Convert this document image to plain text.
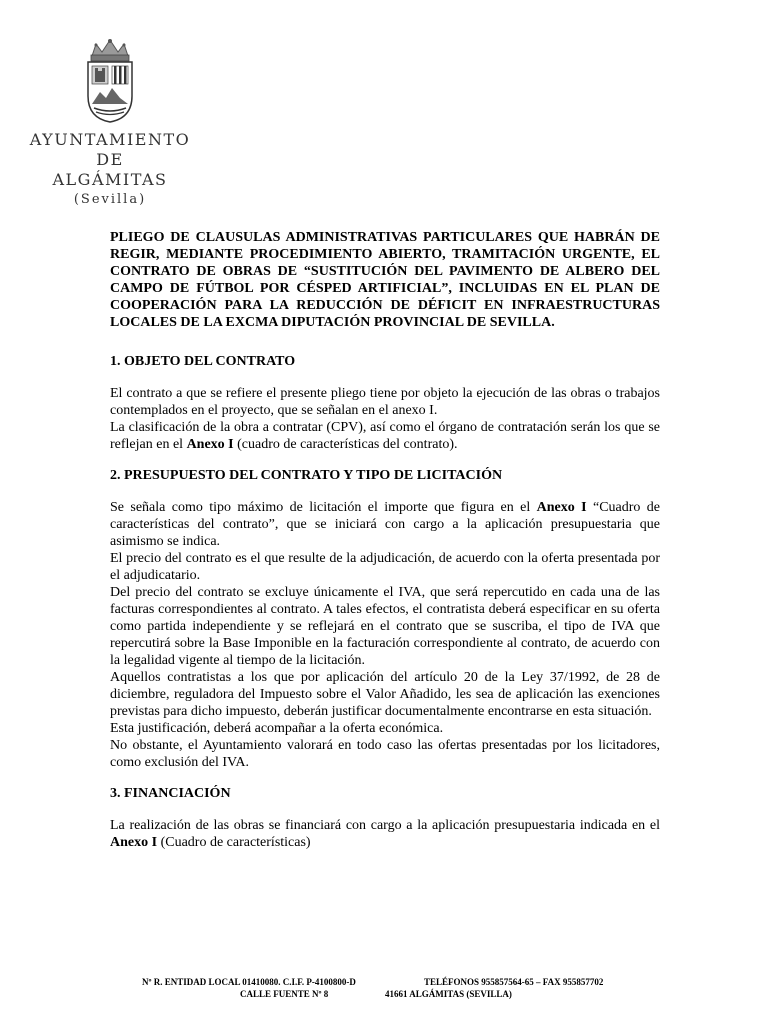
AYUNTAMIENTO
DE
ALGÁMITAS
(Sevilla)

PLIEGO DE CLAUSULAS ADMINISTRATIVAS PARTICULARES QUE HABRÁN DE REGIR, MEDIANTE PROCEDIMIENTO ABIERTO, TRAMITACIÓN URGENTE, EL CONTRATO DE OBRAS DE “SUSTITUCIÓN DEL PAVIMENTO DE ALBERO DEL CAMPO DE FÚTBOL POR CÉSPED ARTIFICIAL”, INCLUIDAS EN EL PLAN DE COOPERACIÓN PARA LA REDUCCIÓN DE DÉFICIT EN INFRAESTRUCTURAS LOCALES DE LA EXCMA DIPUTACIÓN PROVINCIAL DE SEVILLA.

1. OBJETO DEL CONTRATO

El contrato a que se refiere el presente pliego tiene por objeto la ejecución de las obras o trabajos contemplados en el proyecto, que se señalan en el anexo I.

La clasificación de la obra a contratar (CPV), así como el órgano de contratación serán los que se reflejan en el Anexo I (cuadro de características del contrato).

2. PRESUPUESTO DEL CONTRATO Y TIPO DE LICITACIÓN

Se señala como tipo máximo de licitación el importe que figura en el Anexo I “Cuadro de características del contrato”, que se iniciará con cargo a la aplicación presupuestaria que asimismo se indica.

El precio del contrato es el que resulte de la adjudicación, de acuerdo con la oferta presentada por el adjudicatario.

Del precio del contrato se excluye únicamente el IVA, que será repercutido en cada una de las facturas correspondientes al contrato. A tales efectos, el contratista deberá especificar en su oferta como partida independiente y se reflejará en el contrato que se suscriba, el tipo de IVA que repercutirá sobre la Base Imponible en la facturación correspondiente al contrato, de acuerdo con la legalidad vigente al tiempo de la licitación.

Aquellos contratistas a los que por aplicación del artículo 20 de la Ley 37/1992, de 28 de diciembre, reguladora del Impuesto sobre el Valor Añadido, les sea de aplicación las exenciones previstas para dicho impuesto, deberán justificar documentalmente encontrarse en esta situación.

Esta justificación, deberá acompañar a la oferta económica.

No obstante, el Ayuntamiento valorará en todo caso las ofertas presentadas por los licitadores, como exclusión del IVA.

3. FINANCIACIÓN

La realización de las obras se financiará con cargo a la aplicación presupuestaria indicada en el Anexo I (Cuadro de características)

Nº R. ENTIDAD LOCAL 01410080. C.I.F. P-4100800-D	TELÉFONOS 955857564-65 – FAX 955857702
CALLE FUENTE Nº 8	41661 ALGÁMITAS (SEVILLA)
